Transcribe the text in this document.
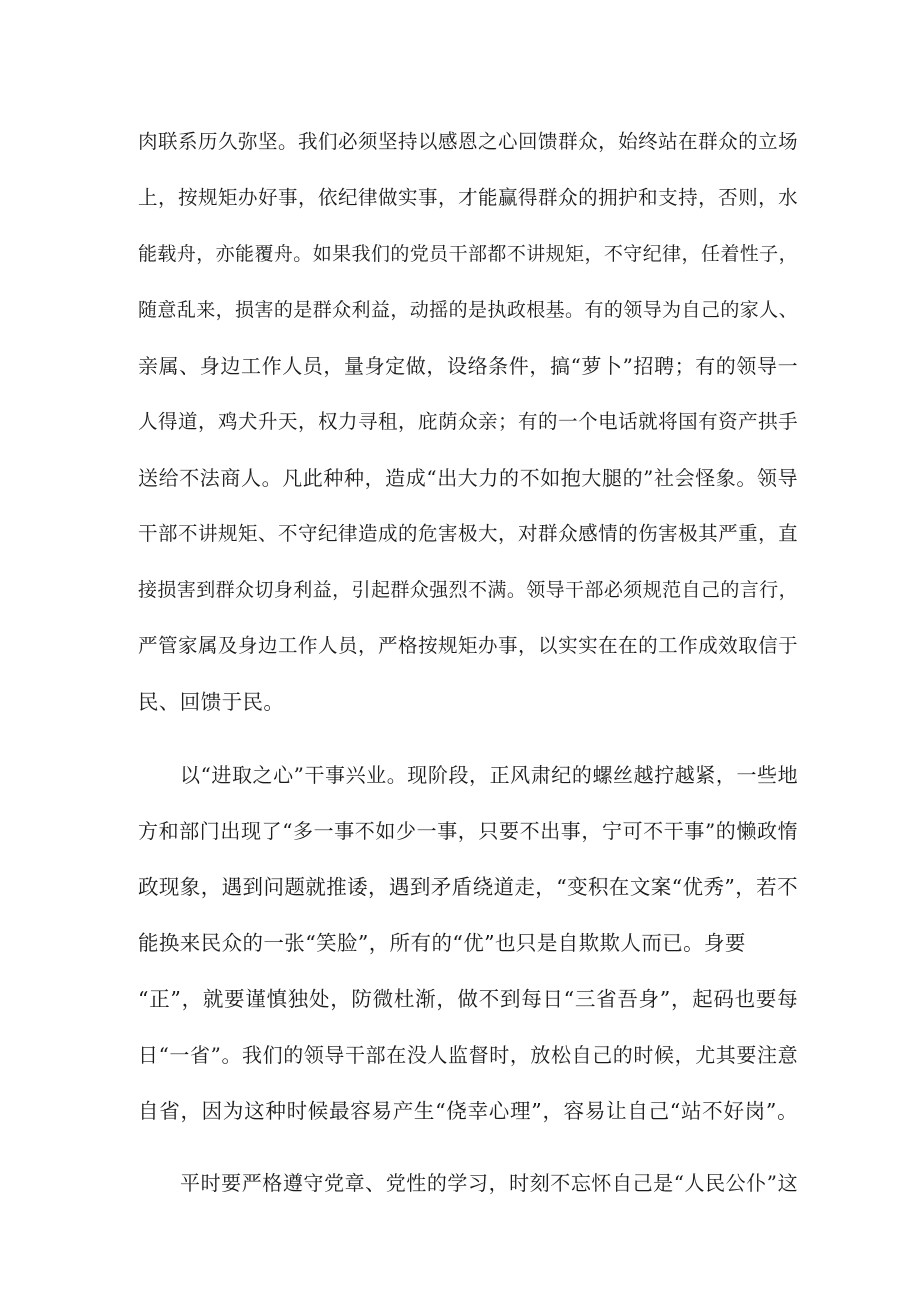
肉联系历久弥坚。我们必须坚持以感恩之心回馈群众，始终站在群众的立场
上，按规矩办好事，依纪律做实事，才能赢得群众的拥护和支持，否则，水
能载舟，亦能覆舟。如果我们的党员干部都不讲规矩，不守纪律，任着性子，
随意乱来，损害的是群众利益，动摇的是执政根基。有的领导为自己的家人、
亲属、身边工作人员，量身定做，设络条件，搞“萝卜”招聘；有的领导一
人得道，鸡犬升天，权力寻租，庇荫众亲；有的一个电话就将国有资产拱手
送给不法商人。凡此种种，造成“出大力的不如抱大腿的”社会怪象。领导
干部不讲规矩、不守纪律造成的危害极大，对群众感情的伤害极其严重，直
接损害到群众切身利益，引起群众强烈不满。领导干部必须规范自己的言行，
严管家属及身边工作人员，严格按规矩办事，以实实在在的工作成效取信于
民、回馈于民。
以“进取之心”干事兴业。现阶段，正风肃纪的螺丝越拧越紧，一些地
方和部门出现了“多一事不如少一事，只要不出事，宁可不干事”的懒政惰
政现象，遇到问题就推诿，遇到矛盾绕道走，“变积在文案“优秀”，若不
能换来民众的一张“笑脸”，所有的“优”也只是自欺欺人而已。身要
“正”，就要谨慎独处，防微杜渐，做不到每日“三省吾身”，起码也要每
日“一省”。我们的领导干部在没人监督时，放松自己的时候，尤其要注意
自省，因为这种时候最容易产生“侥幸心理”，容易让自己“站不好岗”。
平时要严格遵守党章、党性的学习，时刻不忘怀自己是“人民公仆”这
